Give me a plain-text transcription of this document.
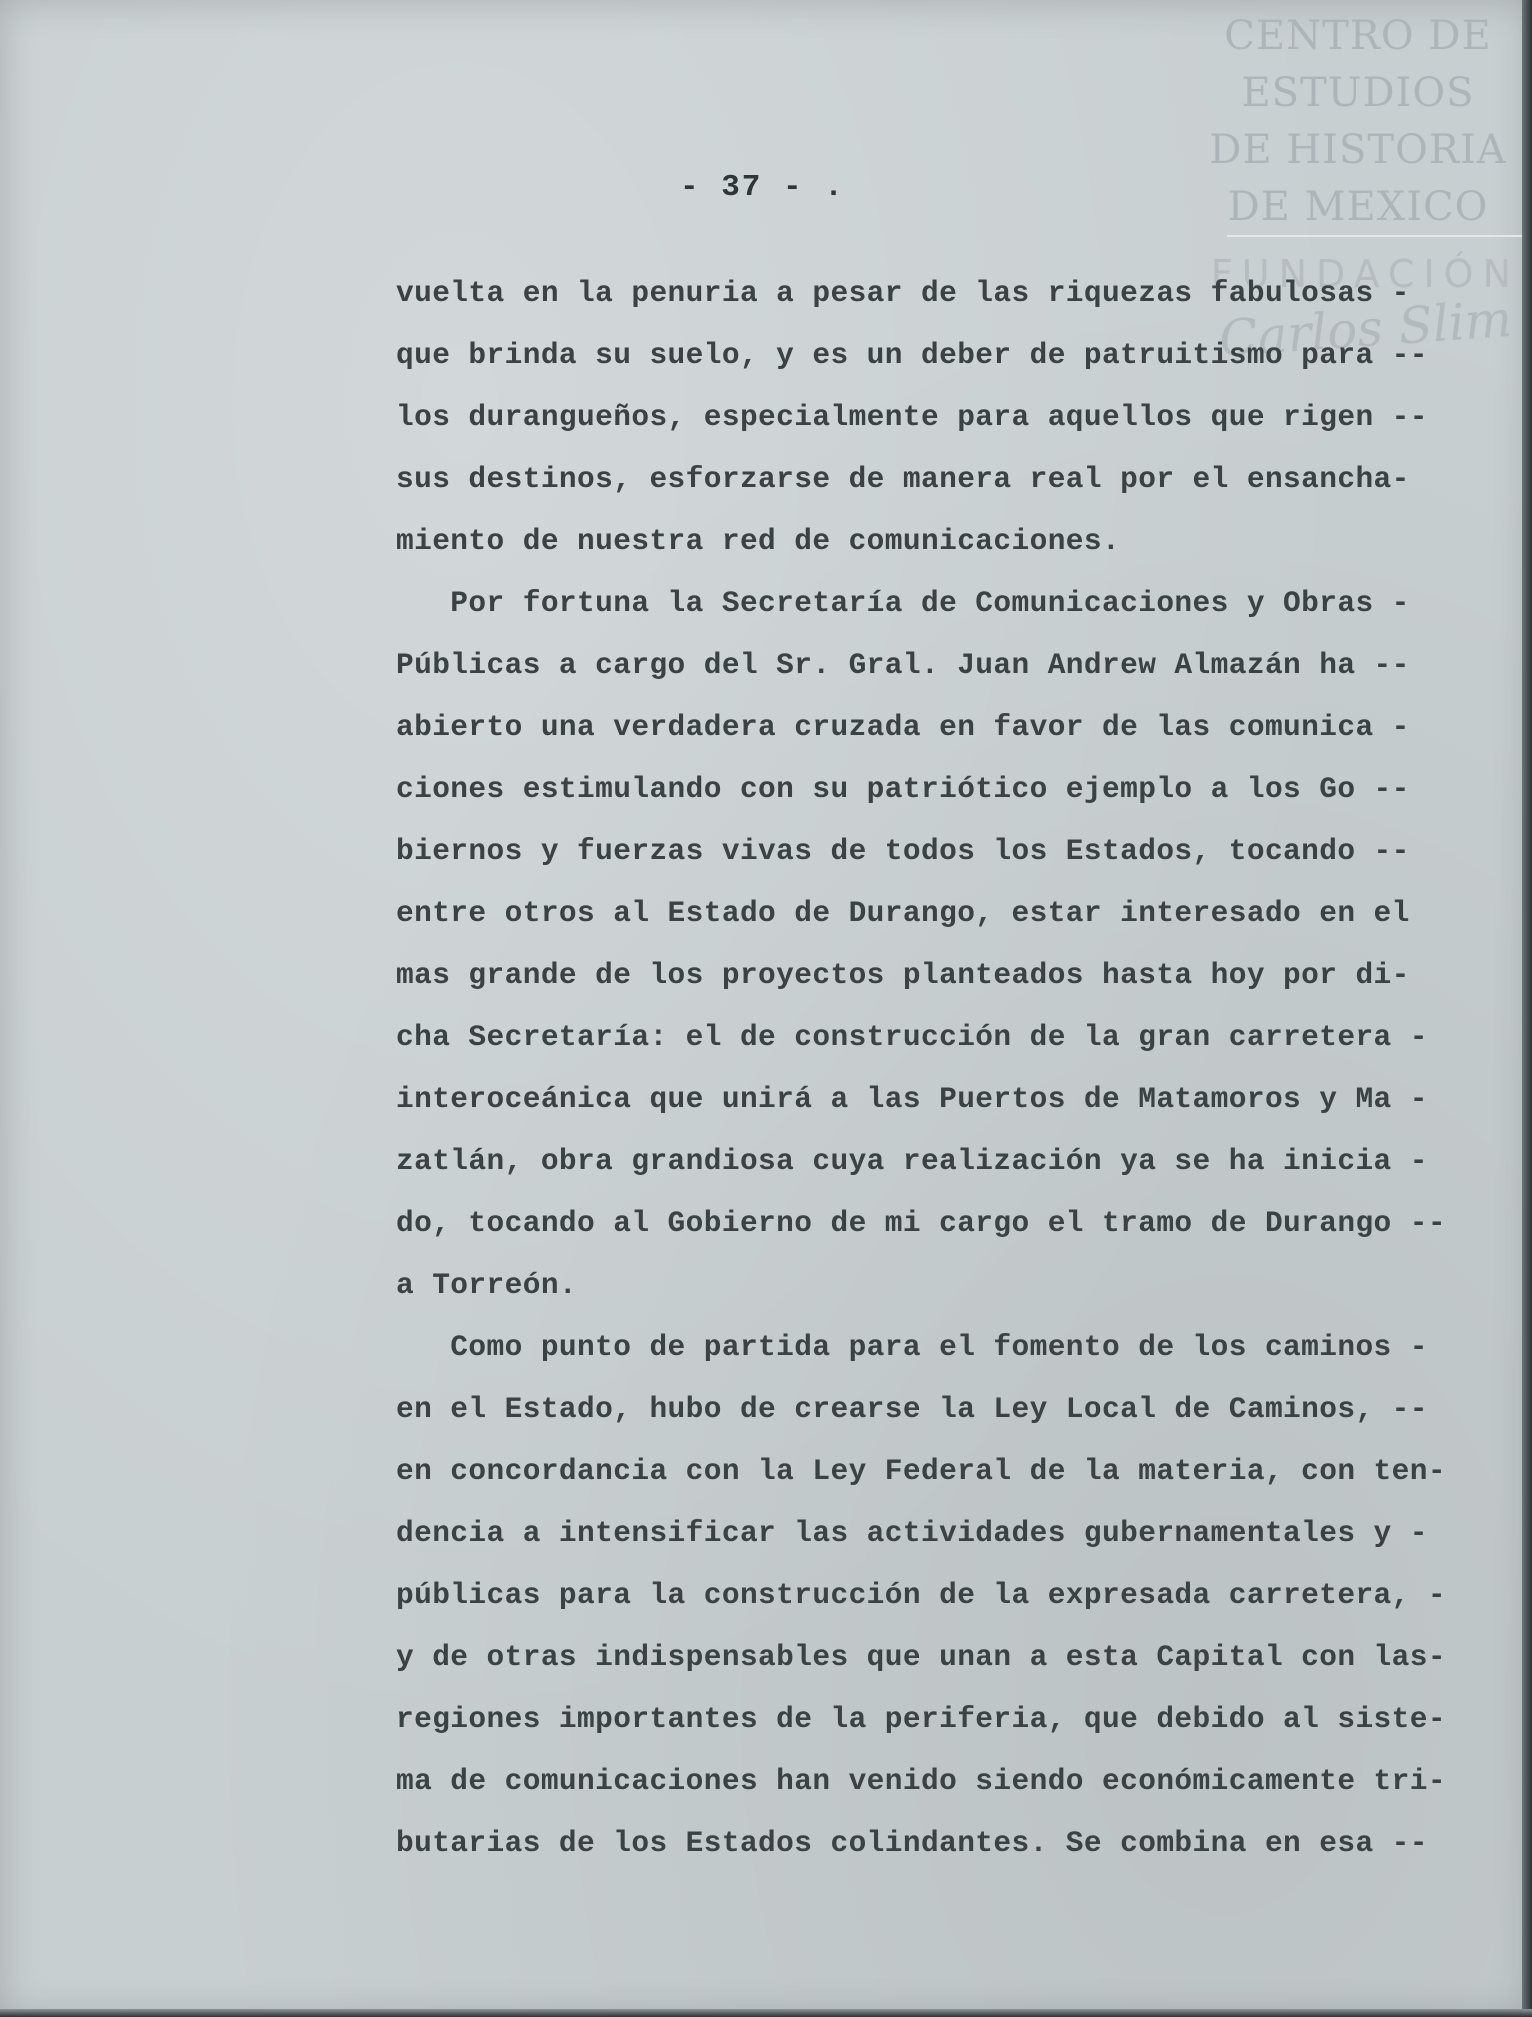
CENTRO DE
ESTUDIOS
DE HISTORIA
DE MEXICO
FUNDACIÓN
Carlos Slim
- 37 - .
vuelta en la penuria a pesar de las riquezas fabulosas -
que brinda su suelo, y es un deber de patruitismo para --
los durangueños, especialmente para aquellos que rigen --
sus destinos, esforzarse de manera real por el ensancha-
miento de nuestra red de comunicaciones.
Por fortuna la Secretaría de Comunicaciones y Obras -
Públicas a cargo del Sr. Gral. Juan Andrew Almazán ha --
abierto una verdadera cruzada en favor de las comunica -
ciones estimulando con su patriótico ejemplo a los Go --
biernos y fuerzas vivas de todos los Estados, tocando --
entre otros al Estado de Durango, estar interesado en el
mas grande de los proyectos planteados hasta hoy por di-
cha Secretaría: el de construcción de la gran carretera -
interoceánica que unirá a las Puertos de Matamoros y Ma -
zatlán, obra grandiosa cuya realización ya se ha inicia -
do, tocando al Gobierno de mi cargo el tramo de Durango --
a Torreón.
Como punto de partida para el fomento de los caminos -
en el Estado, hubo de crearse la Ley Local de Caminos, --
en concordancia con la Ley Federal de la materia, con ten-
dencia a intensificar las actividades gubernamentales y -
públicas para la construcción de la expresada carretera, -
y de otras indispensables que unan a esta Capital con las-
regiones importantes de la periferia, que debido al siste-
ma de comunicaciones han venido siendo económicamente tri-
butarias de los Estados colindantes. Se combina en esa --
